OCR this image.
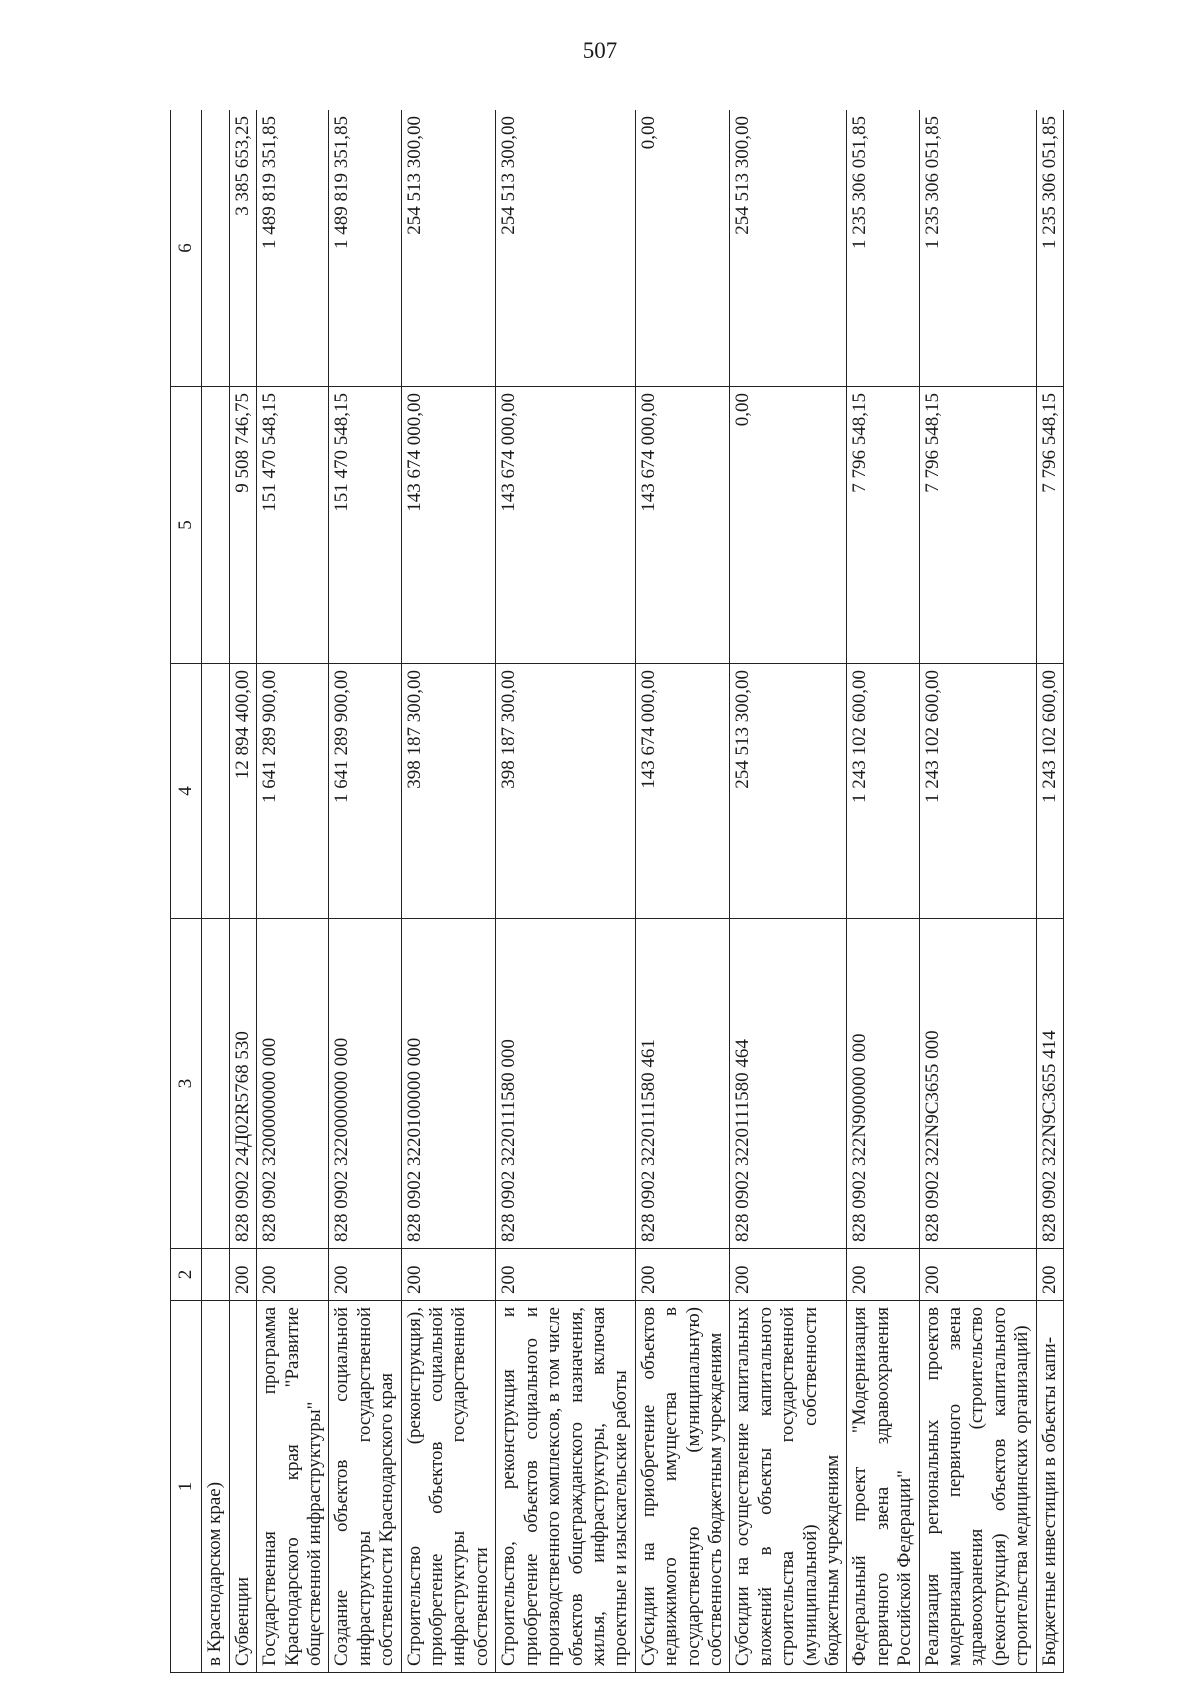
507
1	2	3	4	5	6
в Краснодарском крае)					
Субвенции	200	828 0902 24Д02R5768 530	12 894 400,00	9 508 746,75	3 385 653,25
Государственная программа Краснодарского края "Развитие общественной инфраструктуры"	200	828 0902 3200000000 000	1 641 289 900,00	151 470 548,15	1 489 819 351,85
Создание объектов социальной инфраструктуры государственной собственности Краснодарского края	200	828 0902 3220000000 000	1 641 289 900,00	151 470 548,15	1 489 819 351,85
Строительство (реконструкция), приобретение объектов социальной инфраструктуры государственной собственности	200	828 0902 3220100000 000	398 187 300,00	143 674 000,00	254 513 300,00
Строительство, реконструкция и приобретение объектов социального и производственного комплексов, в том числе объектов общегражданского назначения, жилья, инфраструктуры, включая проектные и изыскательские работы	200	828 0902 3220111580 000	398 187 300,00	143 674 000,00	254 513 300,00
Субсидии на приобретение объектов недвижимого имущества в государственную (муниципальную) собственность бюджетным учреждениям	200	828 0902 3220111580 461	143 674 000,00	143 674 000,00	0,00
Субсидии на осуществление капитальных вложений в объекты капитального строительства государственной (муниципальной) собственности бюджетным учреждениям	200	828 0902 3220111580 464	254 513 300,00	0,00	254 513 300,00
Федеральный проект "Модернизация первичного звена здравоохранения Российской Федерации"	200	828 0902 322N900000 000	1 243 102 600,00	7 796 548,15	1 235 306 051,85
Реализация региональных проектов модернизации первичного звена здравоохранения (строительство (реконструкция) объектов капитального строительства медицинских организаций)	200	828 0902 322N9C3655 000	1 243 102 600,00	7 796 548,15	1 235 306 051,85
Бюджетные инвестиции в объекты капи-	200	828 0902 322N9C3655 414	1 243 102 600,00	7 796 548,15	1 235 306 051,85
